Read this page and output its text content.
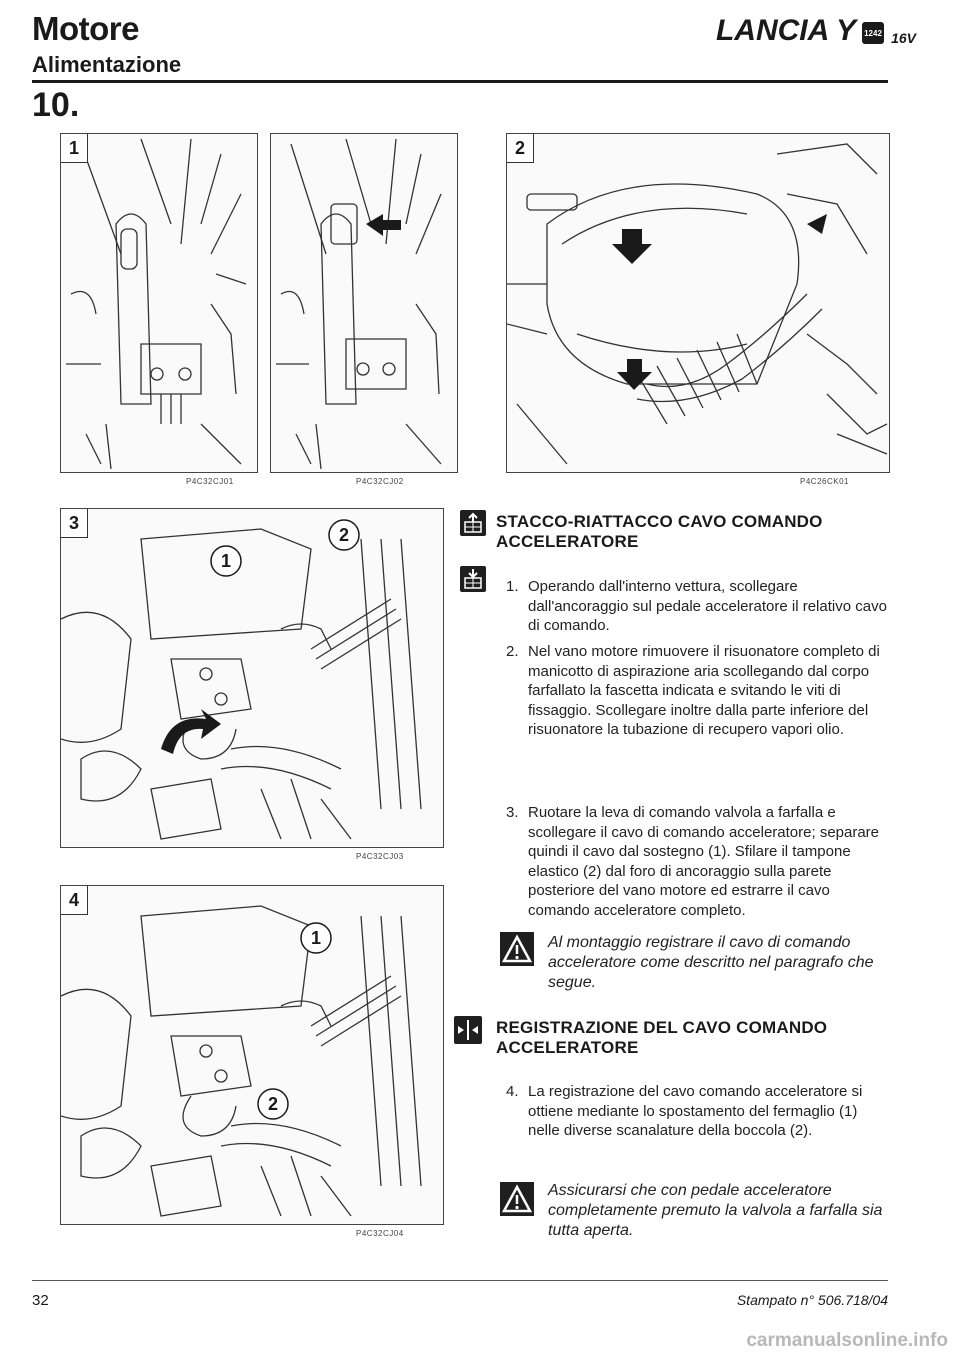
Motore
Alimentazione
LANCIA Y 1242 16V
10.
1
P4C32CJ01	P4C32CJ02
2
P4C26CK01
1
2
3
P4C32CJ03
1
2
4
P4C32CJ04
STACCO-RIATTACCO CAVO COMANDO
ACCELERATORE
1. Operando dall'interno vettura, scollegare dall'ancoraggio sul pedale acceleratore il relativo cavo di comando.
2. Nel vano motore rimuovere il risuonatore completo di manicotto di aspirazione aria scollegando dal corpo farfallato la fascetta indicata e svitando le viti di fissaggio. Scollegare inoltre dalla parte inferiore del risuonatore la tubazione di recupero vapori olio.
3. Ruotare la leva di comando valvola a farfalla e scollegare il cavo di comando acceleratore; separare quindi il cavo dal sostegno (1). Sfilare il tampone elastico (2) dal foro di ancoraggio sulla parete posteriore del vano motore ed estrarre il cavo comando acceleratore completo.
Al montaggio registrare il cavo di comando acceleratore come descritto nel paragrafo che segue.
REGISTRAZIONE DEL CAVO COMANDO
ACCELERATORE
4. La registrazione del cavo comando acceleratore si ottiene mediante lo spostamento del fermaglio (1) nelle diverse scanalature della boccola (2).
Assicurarsi che con pedale acceleratore completamente premuto la valvola a farfalla sia tutta aperta.
32	Stampato n° 506.718/04
carmanualsonline.info
